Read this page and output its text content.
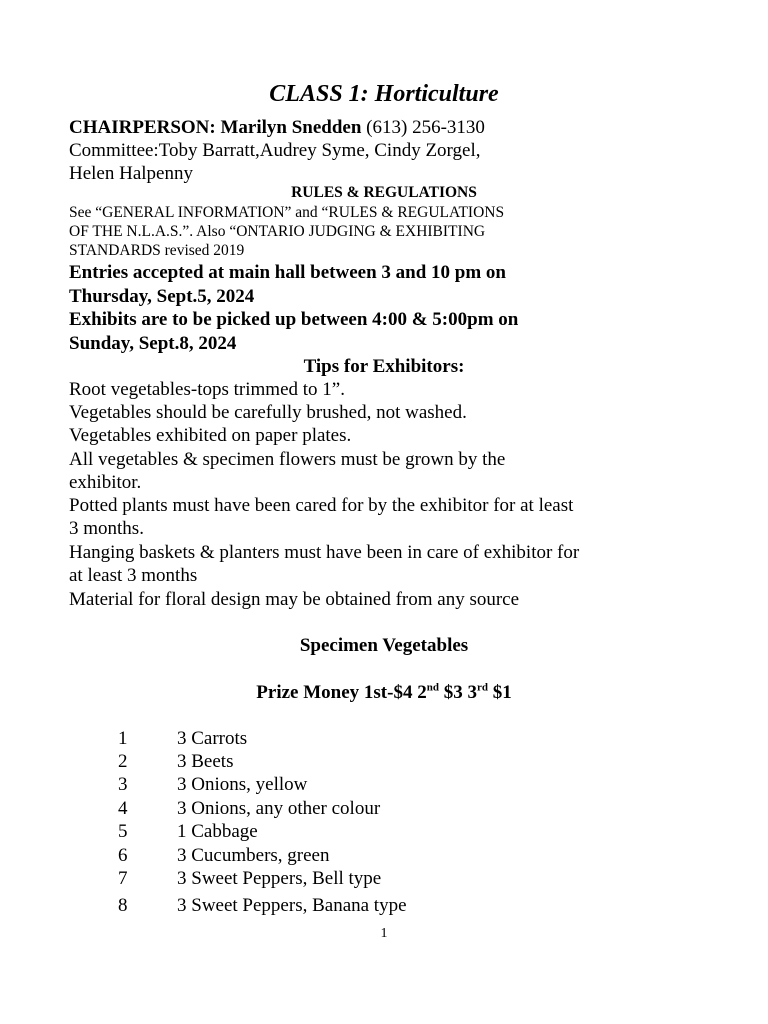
CLASS 1: Horticulture
CHAIRPERSON: Marilyn Snedden (613) 256-3130
Committee:Toby Barratt,Audrey Syme, Cindy Zorgel,
Helen Halpenny
RULES & REGULATIONS
See “GENERAL INFORMATION” and “RULES & REGULATIONS
OF THE N.L.A.S.”. Also “ONTARIO JUDGING & EXHIBITING
STANDARDS revised 2019
Entries accepted at main hall between 3 and 10 pm on
Thursday, Sept.5, 2024
Exhibits are to be picked up between 4:00 & 5:00pm on
Sunday, Sept.8, 2024
Tips for Exhibitors:
Root vegetables-tops trimmed to 1”.
Vegetables should be carefully brushed, not washed.
Vegetables exhibited on paper plates.
All vegetables & specimen flowers must be grown by the
exhibitor.
Potted plants must have been cared for by the exhibitor for at least
3 months.
Hanging baskets & planters must have been in care of exhibitor for
at least 3 months
Material for floral design may be obtained from any source
Specimen Vegetables
Prize Money 1st-$4 2nd $3 3rd $1
1	3 Carrots
2	3 Beets
3	3 Onions, yellow
4	3 Onions, any other colour
5	1 Cabbage
6	3 Cucumbers, green
7	3 Sweet Peppers, Bell type
8	3 Sweet Peppers, Banana type
1
